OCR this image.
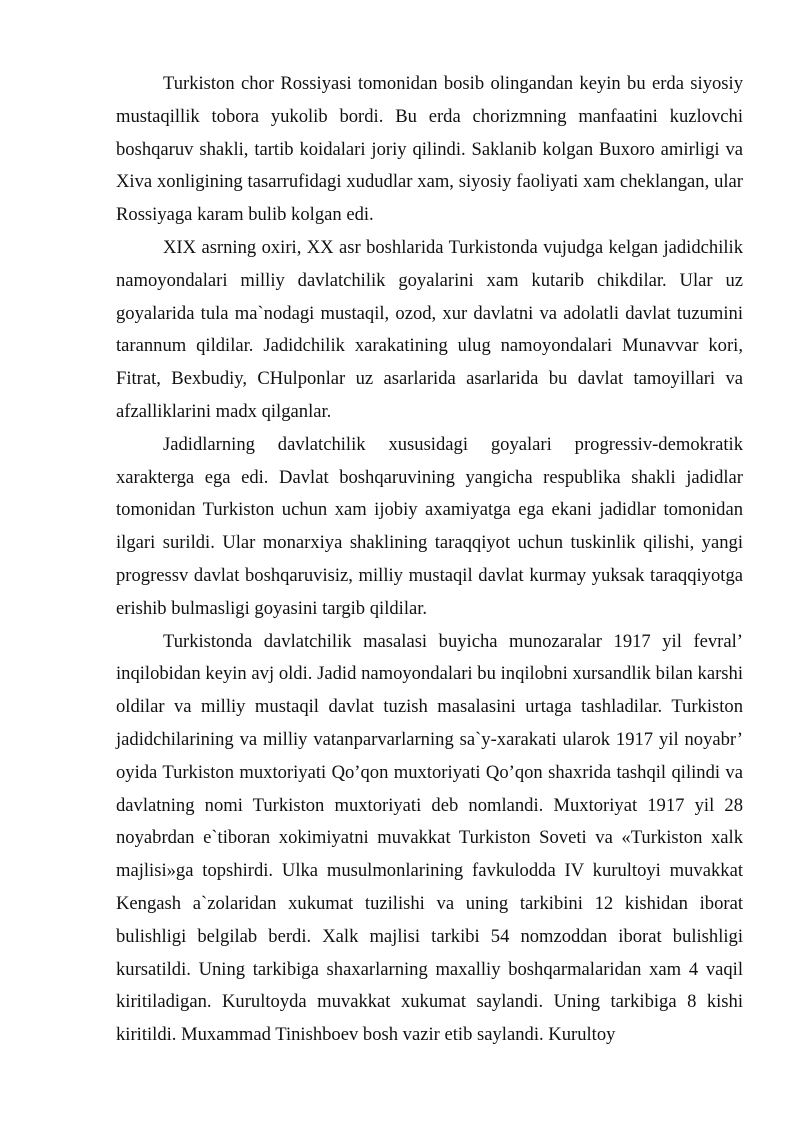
Turkiston chor Rossiyasi tomonidan bosib olingandan keyin bu erda siyosiy mustaqillik tobora yukolib bordi. Bu erda chorizmning manfaatini kuzlovchi boshqaruv shakli, tartib koidalari joriy qilindi. Saklanib kolgan Buxoro amirligi va Xiva xonligining tasarrufidagi xududlar xam, siyosiy faoliyati xam cheklangan, ular Rossiyaga karam bulib kolgan edi.

XIX asrning oxiri, XX asr boshlarida Turkistonda vujudga kelgan jadidchilik namoyondalari milliy davlatchilik goyalarini xam kutarib chikdilar. Ular uz goyalarida tula ma`nodagi mustaqil, ozod, xur davlatni va adolatli davlat tuzumini tarannum qildilar. Jadidchilik xarakatining ulug namoyondalari Munavvar kori, Fitrat, Bexbudiy, CHulponlar uz asarlarida asarlarida bu davlat tamoyillari va afzalliklarini madx qilganlar.

Jadidlarning davlatchilik xususidagi goyalari progressiv-demokratik xarakterga ega edi. Davlat boshqaruvining yangicha respublika shakli jadidlar tomonidan Turkiston uchun xam ijobiy axamiyatga ega ekani jadidlar tomonidan ilgari surildi. Ular monarxiya shaklining taraqqiyot uchun tuskinlik qilishi, yangi progressv davlat boshqaruvisiz, milliy mustaqil davlat kurmay yuksak taraqqiyotga erishib bulmasligi goyasini targib qildilar.

Turkistonda davlatchilik masalasi buyicha munozaralar 1917 yil fevral’ inqilobidan keyin avj oldi. Jadid namoyondalari bu inqilobni xursandlik bilan karshi oldilar va milliy mustaqil davlat tuzish masalasini urtaga tashladilar. Turkiston jadidchilarining va milliy vatanparvarlarning sa`y-xarakati ularok 1917 yil noyabr’ oyida Turkiston muxtoriyati Qo’qon muxtoriyati Qo’qon shaxrida tashqil qilindi va davlatning nomi Turkiston muxtoriyati deb nomlandi. Muxtoriyat 1917 yil 28 noyabrdan e`tiboran xokimiyatni muvakkat Turkiston Soveti va «Turkiston xalk majlisi»ga topshirdi. Ulka musulmonlarining favkulodda IV kurultoyi muvakkat Kengash a`zolaridan xukumat tuzilishi va uning tarkibini 12 kishidan iborat bulishligi belgilab berdi. Xalk majlisi tarkibi 54 nomzoddan iborat bulishligi kursatildi. Uning tarkibiga shaxarlarning maxalliy boshqarmalaridan xam 4 vaqil kiritiladigan. Kurultoyda muvakkat xukumat saylandi. Uning tarkibiga 8 kishi kiritildi. Muxammad Tinishboev bosh vazir etib saylandi. Kurultoy
